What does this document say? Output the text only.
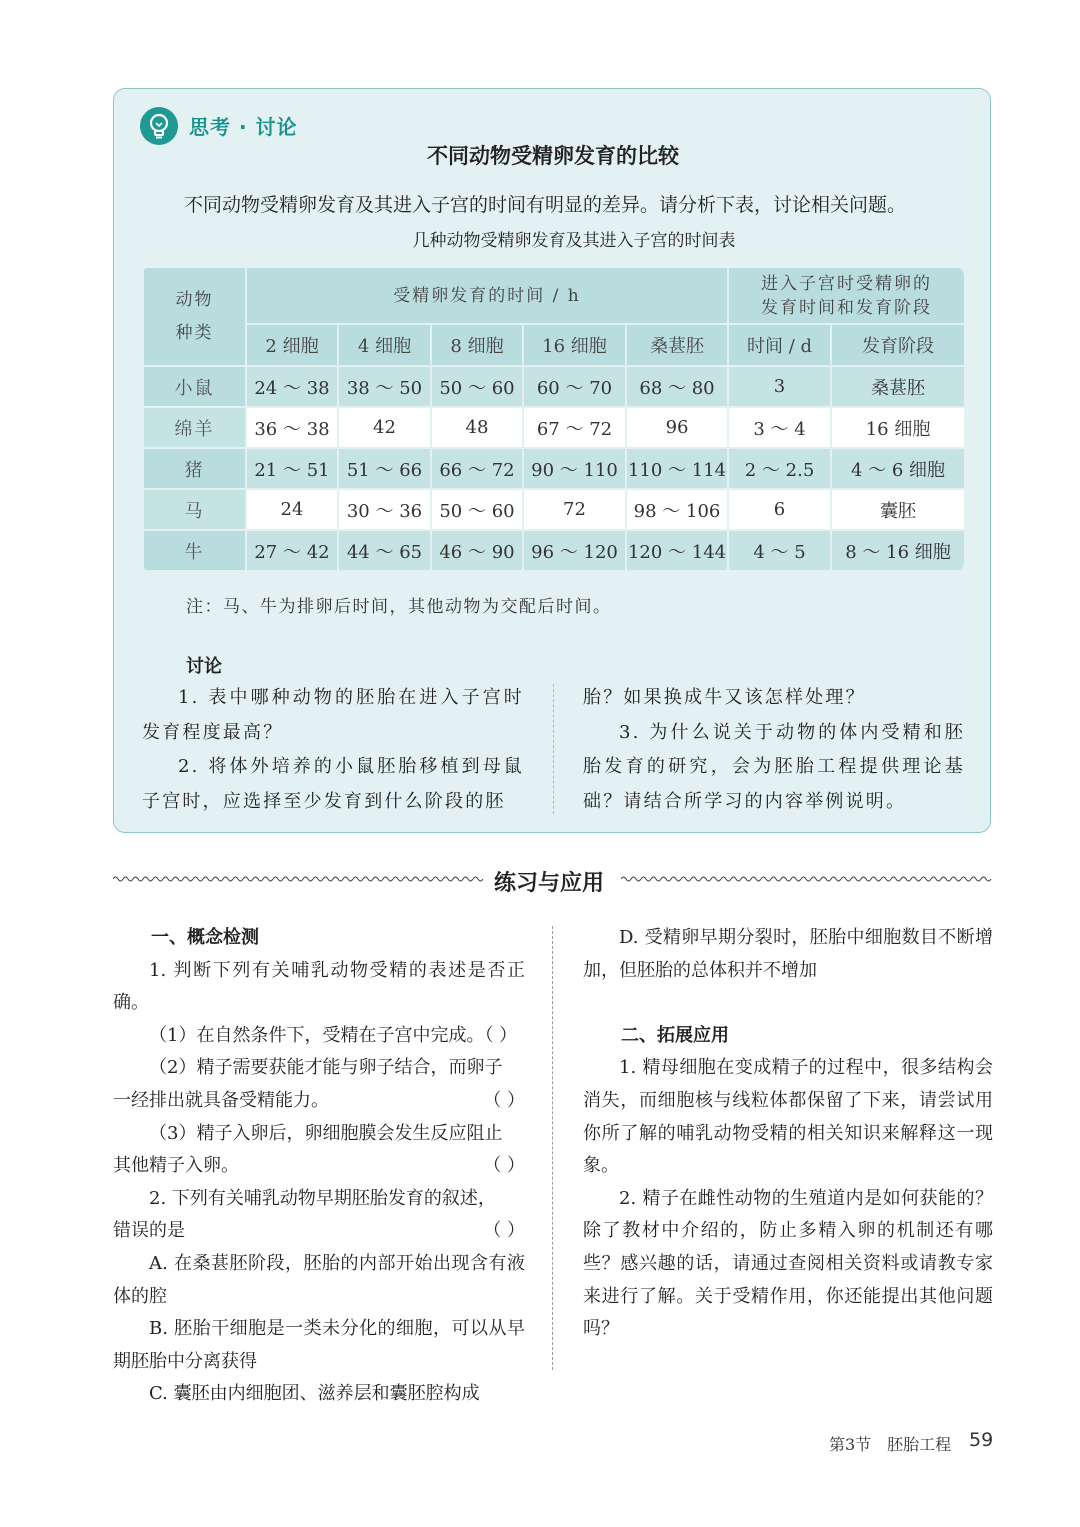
思考 · 讨论
不同动物受精卵发育的比较
不同动物受精卵发育及其进入子宫的时间有明显的差异。请分析下表，讨论相关问题。
几种动物受精卵发育及其进入子宫的时间表
动物种类	受精卵发育的时间 / h					进入子宫时受精卵的发育时间和发育阶段	

	2 细胞	4 细胞	8 细胞	16 细胞	桑葚胚	时间 / d	发育阶段
小鼠	24 ～ 38	38 ～ 50	50 ～ 60	60 ～ 70	68 ～ 80	3	桑葚胚
绵羊	36 ～ 38	42	48	67 ～ 72	96	3 ～ 4	16 细胞
猪	21 ～ 51	51 ～ 66	66 ～ 72	90 ～ 110	110 ～ 114	2 ～ 2.5	4 ～ 6 细胞
马	24	30 ～ 36	50 ～ 60	72	98 ～ 106	6	囊胚
牛	27 ～ 42	44 ～ 65	46 ～ 90	96 ～ 120	120 ～ 144	4 ～ 5	8 ～ 16 细胞
注：马、牛为排卵后时间，其他动物为交配后时间。
讨论

1. 表中哪种动物的胚胎在进入子宫时发育程度最高？

2. 将体外培养的小鼠胚胎移植到母鼠子宫时，应选择至少发育到什么阶段的胚

胎？如果换成牛又该怎样处理？

3. 为什么说关于动物的体内受精和胚胎发育的研究，会为胚胎工程提供理论基础？请结合所学习的内容举例说明。

练习与应用

一、概念检测

1. 判断下列有关哺乳动物受精的表述是否正确。

（1）在自然条件下，受精在子宫中完成。（ ）

（2）精子需要获能才能与卵子结合，而卵子

一经排出就具备受精能力。	（ ）

（3）精子入卵后，卵细胞膜会发生反应阻止

其他精子入卵。	（ ）

2. 下列有关哺乳动物早期胚胎发育的叙述，

错误的是	（ ）

A. 在桑葚胚阶段，胚胎的内部开始出现含有液体的腔

B. 胚胎干细胞是一类未分化的细胞，可以从早期胚胎中分离获得

C. 囊胚由内细胞团、滋养层和囊胚腔构成

D. 受精卵早期分裂时，胚胎中细胞数目不断增加，但胚胎的总体积并不增加

二、拓展应用

1. 精母细胞在变成精子的过程中，很多结构会消失，而细胞核与线粒体都保留了下来，请尝试用你所了解的哺乳动物受精的相关知识来解释这一现象。

2. 精子在雌性动物的生殖道内是如何获能的？除了教材中介绍的，防止多精入卵的机制还有哪些？感兴趣的话，请通过查阅相关资料或请教专家来进行了解。关于受精作用，你还能提出其他问题吗？

第3节　胚胎工程 59
